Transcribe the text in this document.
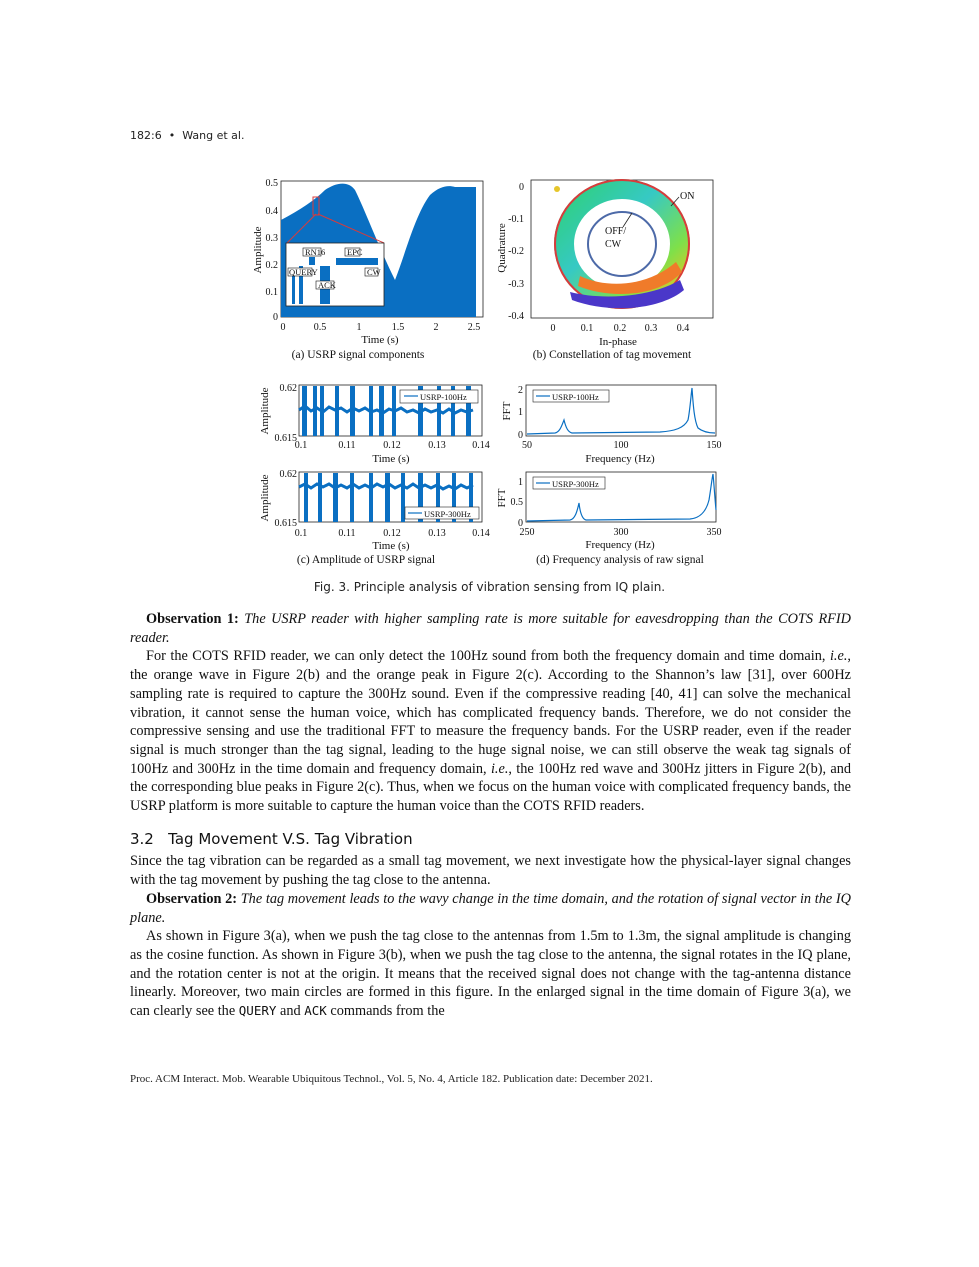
182:6 • Wang et al.
RN16	EPC
QUERY	CW
ACK
0
0.1
0.2
0.3
0.4
0.5
0	0.5	1	1.5	2	2.5
Time (s)
Amplitude
(a) USRP signal components
OFF/
CW
ON
0
-0.1
-0.2
-0.3
-0.4
0	0.1 0.2 0.3 0.4
In-phase
Quadrature
(b) Constellation of tag movement
USRP-100Hz
0.62
0.615
0.1	0.11	0.12	0.13	0.14
Time (s)
Amplitude
USRP-300Hz
0.62
0.615
0.1	0.11	0.12	0.13	0.14
Time (s)
Amplitude
(c) Amplitude of USRP signal
USRP-100Hz
0
1
2
50	100	150
Frequency (Hz)
FFT
USRP-300Hz
0
0.5
1
250	300	350
Frequency (Hz)
FFT
(d) Frequency analysis of raw signal
Fig. 3. Principle analysis of vibration sensing from IQ plain.

Observation 1: The USRP reader with higher sampling rate is more suitable for eavesdropping than the COTS RFID reader.

For the COTS RFID reader, we can only detect the 100Hz sound from both the frequency domain and time domain, i.e., the orange wave in Figure 2(b) and the orange peak in Figure 2(c). According to the Shannon’s law [31], over 600Hz sampling rate is required to capture the 300Hz sound. Even if the compressive reading [40, 41] can solve the mechanical vibration, it cannot sense the human voice, which has complicated frequency bands. Therefore, we do not consider the compressive sensing and use the traditional FFT to measure the frequency bands. For the USRP reader, even if the reader signal is much stronger than the tag signal, leading to the huge signal noise, we can still observe the weak tag signals of 100Hz and 300Hz in the time domain and frequency domain, i.e., the 100Hz red wave and 300Hz jitters in Figure 2(b), and the corresponding blue peaks in Figure 2(c). Thus, when we focus on the human voice with complicated frequency bands, the USRP platform is more suitable to capture the human voice than the COTS RFID readers.

3.2 Tag Movement V.S. Tag Vibration

Since the tag vibration can be regarded as a small tag movement, we next investigate how the physical-layer signal changes with the tag movement by pushing the tag close to the antenna.

Observation 2: The tag movement leads to the wavy change in the time domain, and the rotation of signal vector in the IQ plane.

As shown in Figure 3(a), when we push the tag close to the antennas from 1.5m to 1.3m, the signal amplitude is changing as the cosine function. As shown in Figure 3(b), when we push the tag close to the antenna, the signal rotates in the IQ plane, and the rotation center is not at the origin. It means that the received signal does not change with the tag-antenna distance linearly. Moreover, two main circles are formed in this figure. In the enlarged signal in the time domain of Figure 3(a), we can clearly see the QUERY and ACK commands from the

Proc. ACM Interact. Mob. Wearable Ubiquitous Technol., Vol. 5, No. 4, Article 182. Publication date: December 2021.
